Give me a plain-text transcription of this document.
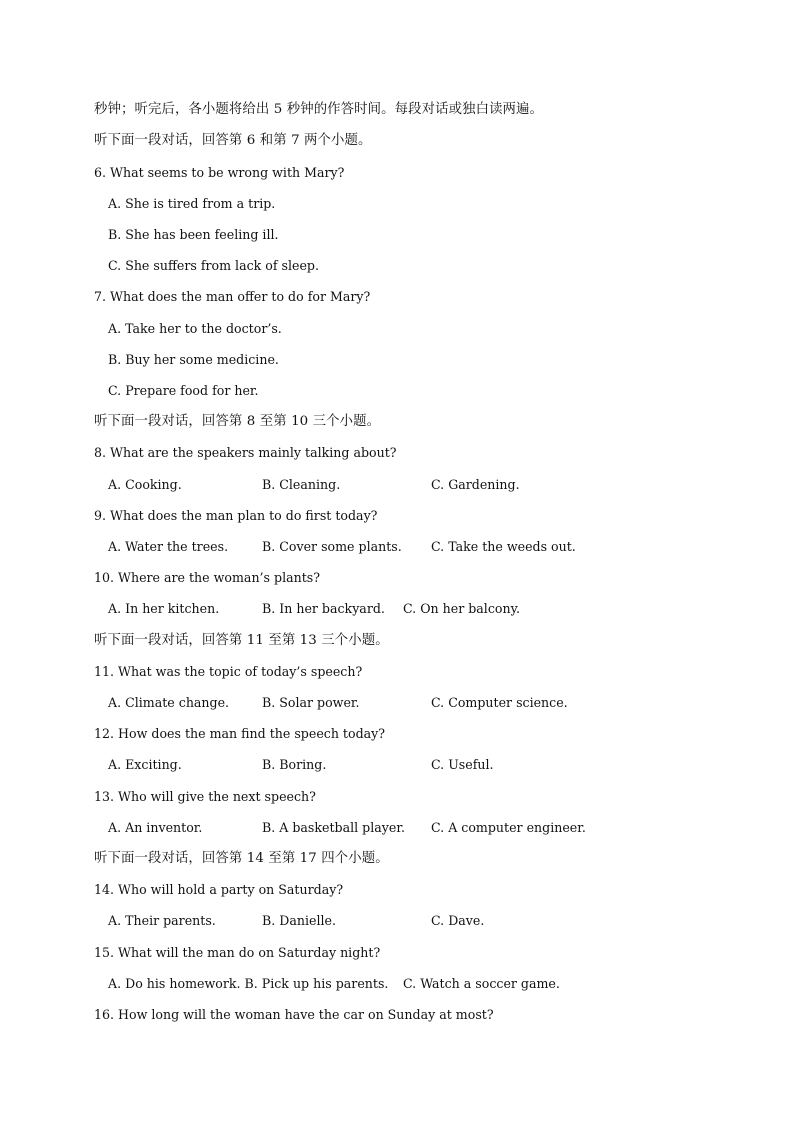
秒钟；听完后，各小题将给出 5 秒钟的作答时间。每段对话或独白读两遍。
听下面一段对话，回答第 6 和第 7 两个小题。
6. What seems to be wrong with Mary?
A. She is tired from a trip.
B. She has been feeling ill.
C. She suffers from lack of sleep.
7. What does the man offer to do for Mary?
A. Take her to the doctor’s.
B. Buy her some medicine.
C. Prepare food for her.
听下面一段对话，回答第 8 至第 10 三个小题。
8. What are the speakers mainly talking about?
A. Cooking.	B. Cleaning.	C. Gardening.
9. What does the man plan to do first today?
A. Water the trees.	B. Cover some plants. C. Take the weeds out.
10. Where are the woman’s plants?
A. In her kitchen.	B. In her backyard. C. On her balcony.
听下面一段对话，回答第 11 至第 13 三个小题。
11. What was the topic of today’s speech?
A. Climate change.	B. Solar power.	C. Computer science.
12. How does the man find the speech today?
A. Exciting.	B. Boring.	C. Useful.
13. Who will give the next speech?
A. An inventor.	B. A basketball player. C. A computer engineer.
听下面一段对话，回答第 14 至第 17 四个小题。
14. Who will hold a party on Saturday?
A. Their parents.	B. Danielle.	C. Dave.
15. What will the man do on Saturday night?
A. Do his homework. B. Pick up his parents. C. Watch a soccer game.
16. How long will the woman have the car on Sunday at most?
